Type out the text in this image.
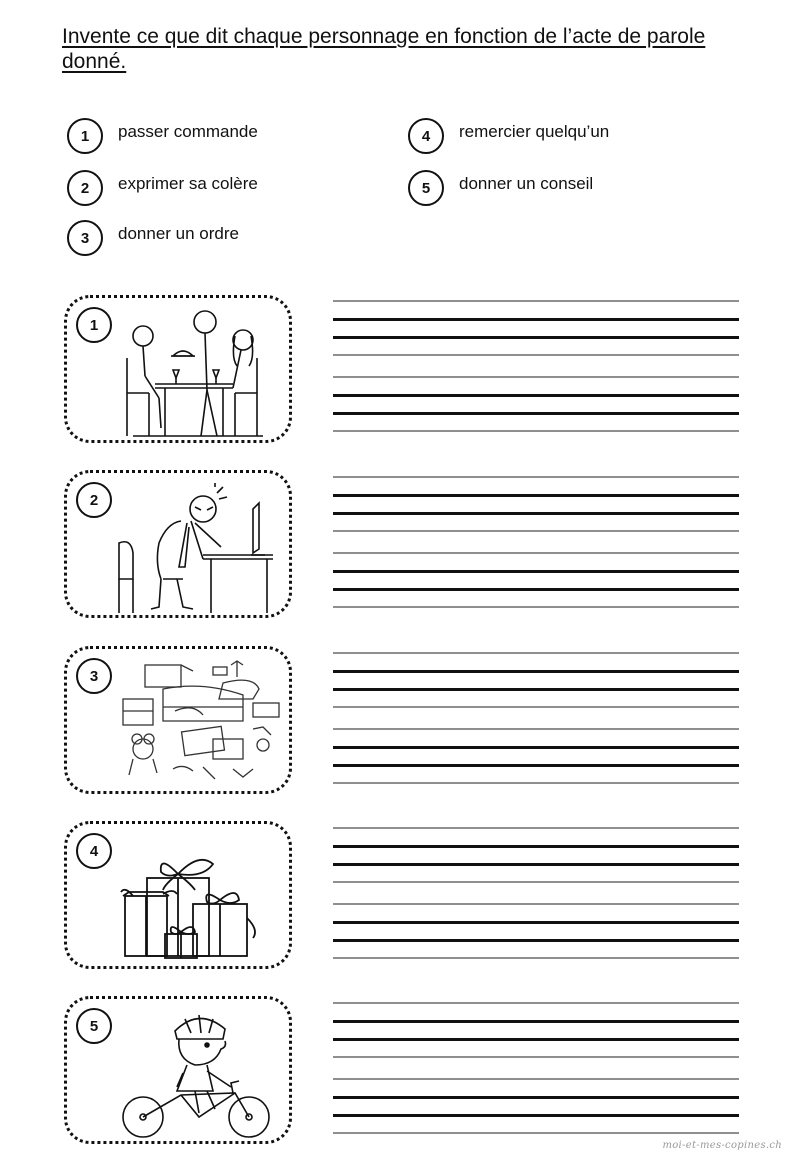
Invente ce que dit chaque personnage en fonction de l’acte de parole donné.
1	passer commande
2	exprimer sa colère
3	donner un ordre
4	remercier quelqu’un
5	donner un conseil
1
2
3
4
5
moi-et-mes-copines.ch
